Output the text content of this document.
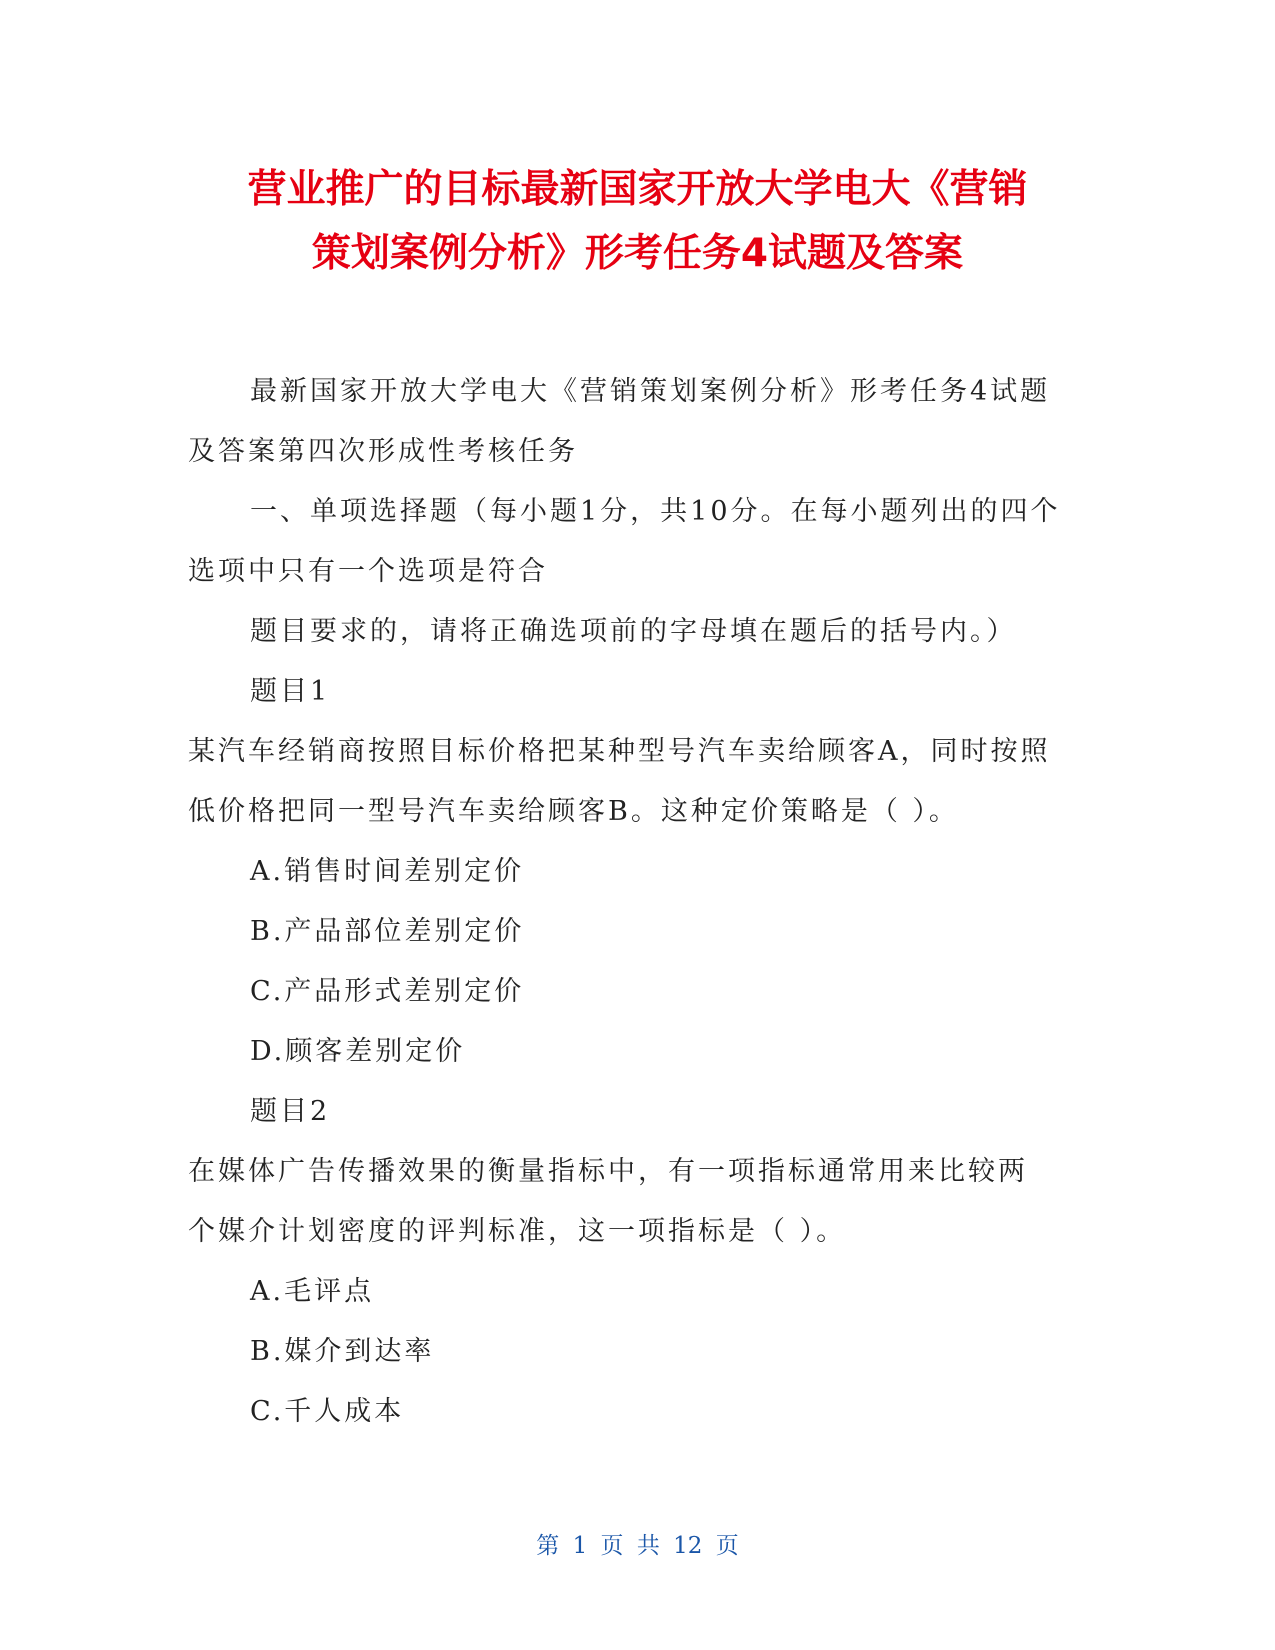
营业推广的目标最新国家开放大学电大《营销
策划案例分析》形考任务4试题及答案

最新国家开放大学电大《营销策划案例分析》形考任务4试题

及答案第四次形成性考核任务

一、单项选择题（每小题1分，共10分。在每小题列出的四个

选项中只有一个选项是符合

题目要求的，请将正确选项前的字母填在题后的括号内。）

题目1

某汽车经销商按照目标价格把某种型号汽车卖给顾客A，同时按照

低价格把同一型号汽车卖给顾客B。这种定价策略是（ ）。

A.销售时间差别定价

B.产品部位差别定价

C.产品形式差别定价

D.顾客差别定价

题目2

在媒体广告传播效果的衡量指标中，有一项指标通常用来比较两

个媒介计划密度的评判标准，这一项指标是（ ）。

A.毛评点

B.媒介到达率

C.千人成本

第 1 页 共 12 页
